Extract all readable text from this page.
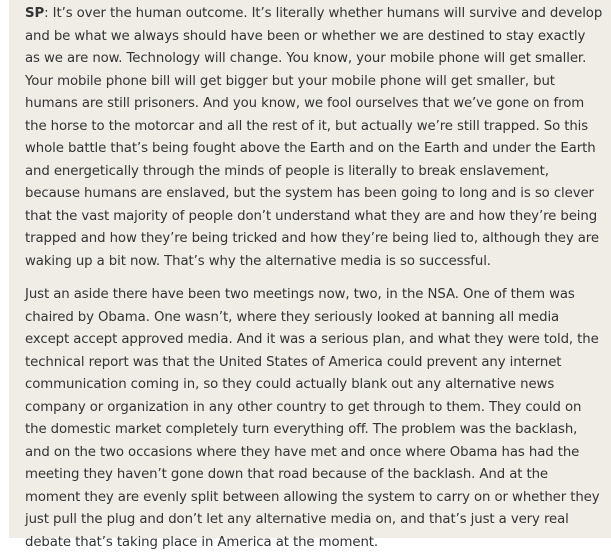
SP: It’s over the human outcome. It’s literally whether humans will survive and develop and be what we always should have been or whether we are destined to stay exactly as we are now. Technology will change. You know, your mobile phone will get smaller. Your mobile phone bill will get bigger but your mobile phone will get smaller, but humans are still prisoners. And you know, we fool ourselves that we’ve gone on from the horse to the motorcar and all the rest of it, but actually we’re still trapped. So this whole battle that’s being fought above the Earth and on the Earth and under the Earth and energetically through the minds of people is literally to break enslavement, because humans are enslaved, but the system has been going to long and is so clever that the vast majority of people don’t understand what they are and how they’re being trapped and how they’re being tricked and how they’re being lied to, although they are waking up a bit now. That’s why the alternative media is so successful.

Just an aside there have been two meetings now, two, in the NSA. One of them was chaired by Obama. One wasn’t, where they seriously looked at banning all media except accept approved media. And it was a serious plan, and what they were told, the technical report was that the United States of America could prevent any internet communication coming in, so they could actually blank out any alternative news company or organization in any other country to get through to them. They could on the domestic market completely turn everything off. The problem was the backlash, and on the two occasions where they have met and once where Obama has had the meeting they haven’t gone down that road because of the backlash. And at the moment they are evenly split between allowing the system to carry on or whether they just pull the plug and don’t let any alternative media on, and that’s just a very real debate that’s taking place in America at the moment.
